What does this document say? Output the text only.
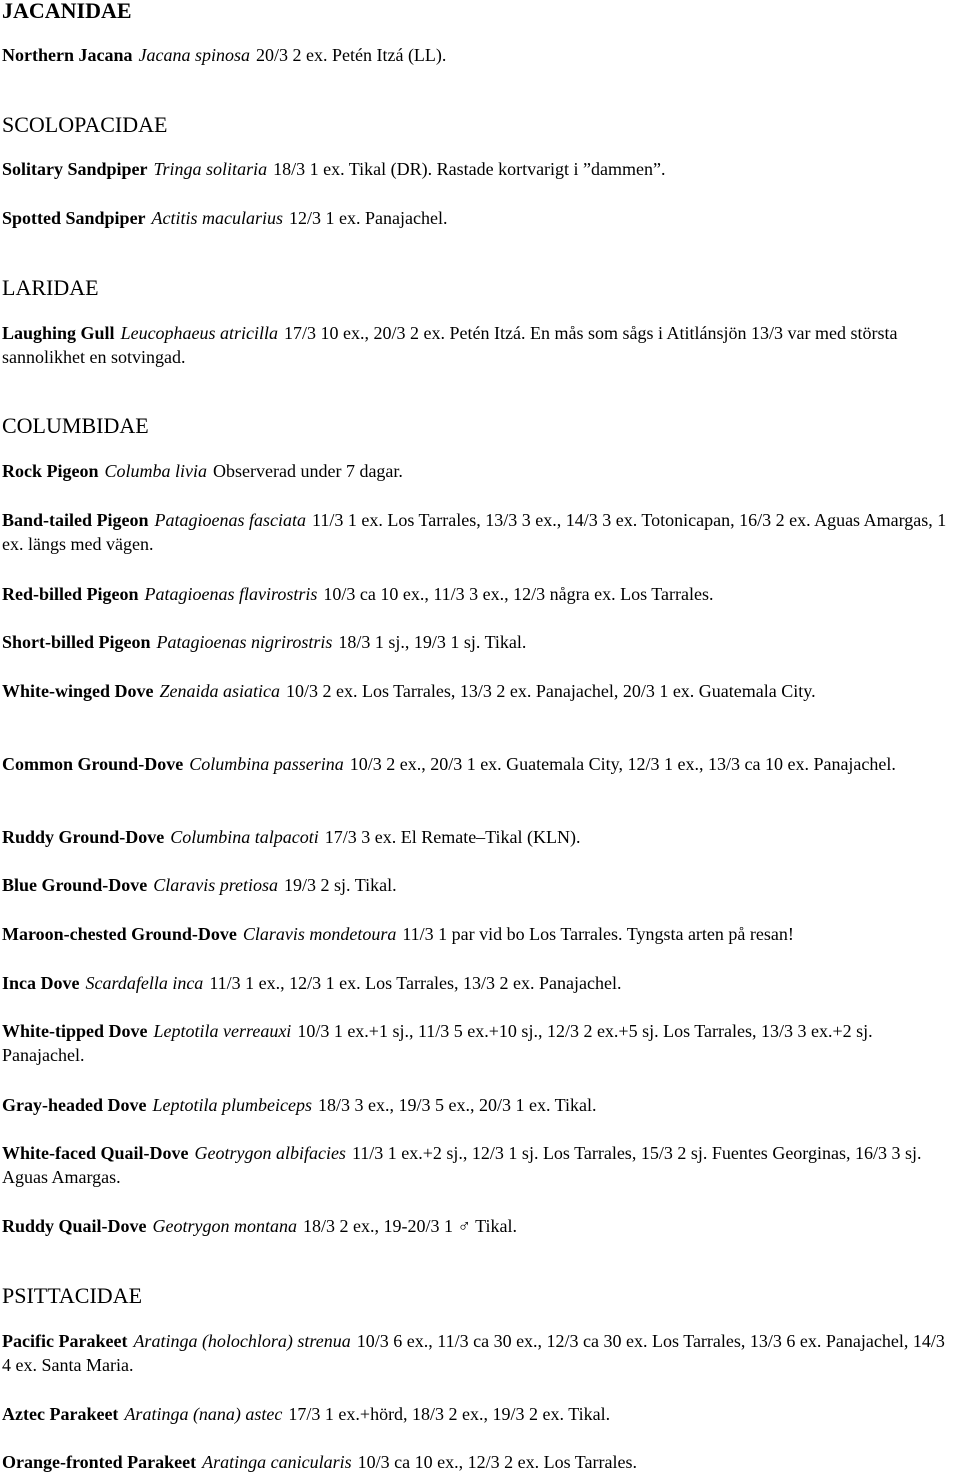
JACANIDAE

Northern Jacana Jacana spinosa 20/3 2 ex. Petén Itzá (LL).

SCOLOPACIDAE

Solitary Sandpiper Tringa solitaria 18/3 1 ex. Tikal (DR). Rastade kortvarigt i ”dammen”.

Spotted Sandpiper Actitis macularius 12/3 1 ex. Panajachel.

LARIDAE

Laughing Gull Leucophaeus atricilla 17/3 10 ex., 20/3 2 ex. Petén Itzá. En mås som sågs i Atitlánsjön 13/3 var med största sannolikhet en sotvingad.

COLUMBIDAE

Rock Pigeon Columba livia Observerad under 7 dagar.

Band-tailed Pigeon Patagioenas fasciata 11/3 1 ex. Los Tarrales, 13/3 3 ex., 14/3 3 ex. Totonicapan, 16/3 2 ex. Aguas Amargas, 1 ex. längs med vägen.

Red-billed Pigeon Patagioenas flavirostris 10/3 ca 10 ex., 11/3 3 ex., 12/3 några ex. Los Tarrales.

Short-billed Pigeon Patagioenas nigrirostris 18/3 1 sj., 19/3 1 sj. Tikal.

White-winged Dove Zenaida asiatica 10/3 2 ex. Los Tarrales, 13/3 2 ex. Panajachel, 20/3 1 ex. Guatemala City.

Common Ground-Dove Columbina passerina 10/3 2 ex., 20/3 1 ex. Guatemala City, 12/3 1 ex., 13/3 ca 10 ex. Panajachel.

Ruddy Ground-Dove Columbina talpacoti 17/3 3 ex. El Remate–Tikal (KLN).

Blue Ground-Dove Claravis pretiosa 19/3 2 sj. Tikal.

Maroon-chested Ground-Dove Claravis mondetoura 11/3 1 par vid bo Los Tarrales. Tyngsta arten på resan!

Inca Dove Scardafella inca 11/3 1 ex., 12/3 1 ex. Los Tarrales, 13/3 2 ex. Panajachel.

White-tipped Dove Leptotila verreauxi 10/3 1 ex.+1 sj., 11/3 5 ex.+10 sj., 12/3 2 ex.+5 sj. Los Tarrales, 13/3 3 ex.+2 sj. Panajachel.

Gray-headed Dove Leptotila plumbeiceps 18/3 3 ex., 19/3 5 ex., 20/3 1 ex. Tikal.

White-faced Quail-Dove Geotrygon albifacies 11/3 1 ex.+2 sj., 12/3 1 sj. Los Tarrales, 15/3 2 sj. Fuentes Georginas, 16/3 3 sj. Aguas Amargas.

Ruddy Quail-Dove Geotrygon montana 18/3 2 ex., 19-20/3 1 ♂ Tikal.

PSITTACIDAE

Pacific Parakeet Aratinga (holochlora) strenua 10/3 6 ex., 11/3 ca 30 ex., 12/3 ca 30 ex. Los Tarrales, 13/3 6 ex. Panajachel, 14/3 4 ex. Santa Maria.

Aztec Parakeet Aratinga (nana) astec 17/3 1 ex.+hörd, 18/3 2 ex., 19/3 2 ex. Tikal.

Orange-fronted Parakeet Aratinga canicularis 10/3 ca 10 ex., 12/3 2 ex. Los Tarrales.
